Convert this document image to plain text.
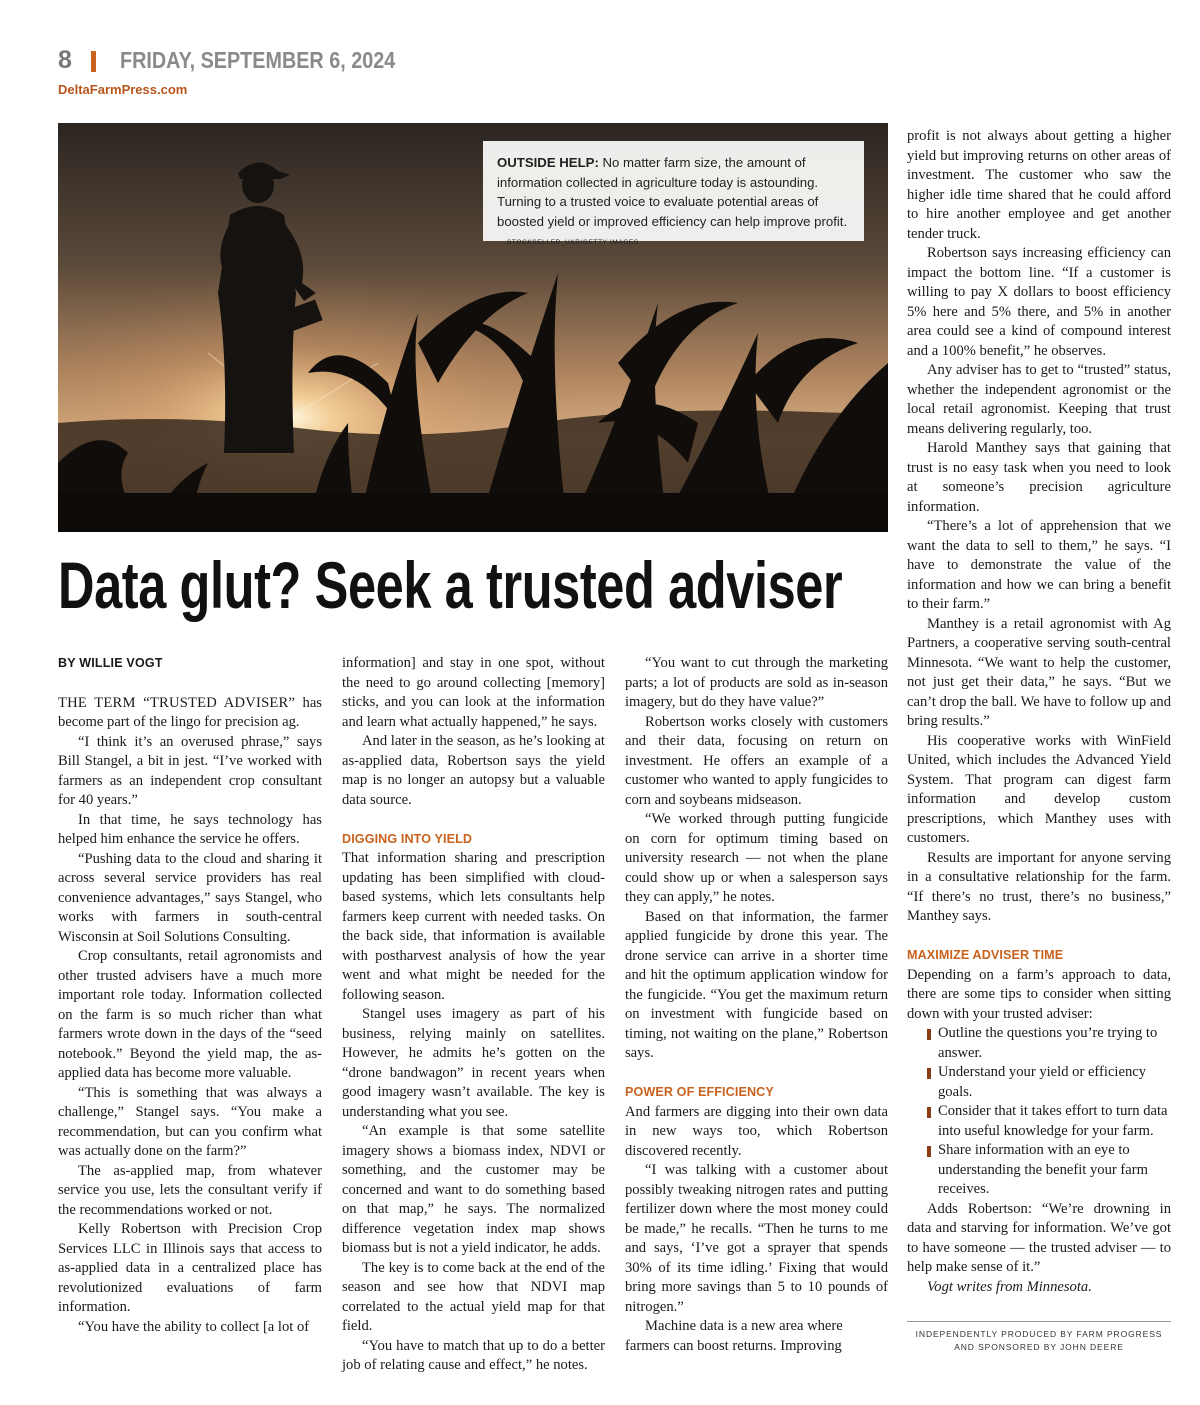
8 FRIDAY, SEPTEMBER 6, 2024
DeltaFarmPress.com
OUTSIDE HELP: No matter farm size, the amount of information collected in agriculture today is astounding. Turning to a trusted voice to evaluate potential areas of boosted yield or improved efficiency can help improve profit. STOCKSELLER_UKR/GETTY IMAGES
Data glut? Seek a trusted adviser
BY WILLIE VOGT

THE TERM “TRUSTED ADVISER” has become part of the lingo for precision ag.

“I think it’s an overused phrase,” says Bill Stangel, a bit in jest. “I’ve worked with farmers as an independent crop consultant for 40 years.”

In that time, he says technology has helped him enhance the service he offers.

“Pushing data to the cloud and sharing it across several service providers has real convenience advantages,” says Stangel, who works with farmers in south-central Wisconsin at Soil Solutions Consulting.

Crop consultants, retail agronomists and other trusted advisers have a much more important role today. Information collected on the farm is so much richer than what farmers wrote down in the days of the “seed notebook.” Beyond the yield map, the as-applied data has become more valuable.

“This is something that was always a challenge,” Stangel says. “You make a recommendation, but can you confirm what was actually done on the farm?”

The as-applied map, from whatever service you use, lets the consultant verify if the recommendations worked or not.

Kelly Robertson with Precision Crop Services LLC in Illinois says that access to as-applied data in a centralized place has revolutionized evaluations of farm information.

“You have the ability to collect [a lot of

information] and stay in one spot, without the need to go around collecting [memory] sticks, and you can look at the information and learn what actually happened,” he says.

And later in the season, as he’s looking at as-applied data, Robertson says the yield map is no longer an autopsy but a valuable data source.

DIGGING INTO YIELD

That information sharing and prescription updating has been simplified with cloud-based systems, which lets consultants help farmers keep current with needed tasks. On the back side, that information is available with postharvest analysis of how the year went and what might be needed for the following season.

Stangel uses imagery as part of his business, relying mainly on satellites. However, he admits he’s gotten on the “drone bandwagon” in recent years when good imagery wasn’t available. The key is understanding what you see.

“An example is that some satellite imagery shows a biomass index, NDVI or something, and the customer may be concerned and want to do something based on that map,” he says. The normalized difference vegetation index map shows biomass but is not a yield indicator, he adds.

The key is to come back at the end of the season and see how that NDVI map correlated to the actual yield map for that field.

“You have to match that up to do a better job of relating cause and effect,” he notes.

“You want to cut through the marketing parts; a lot of products are sold as in-season imagery, but do they have value?”

Robertson works closely with customers and their data, focusing on return on investment. He offers an example of a customer who wanted to apply fungicides to corn and soybeans midseason.

“We worked through putting fungicide on corn for optimum timing based on university research — not when the plane could show up or when a salesperson says they can apply,” he notes.

Based on that information, the farmer applied fungicide by drone this year. The drone service can arrive in a shorter time and hit the optimum application window for the fungicide. “You get the maximum return on investment with fungicide based on timing, not waiting on the plane,” Robertson says.

POWER OF EFFICIENCY

And farmers are digging into their own data in new ways too, which Robertson discovered recently.

“I was talking with a customer about possibly tweaking nitrogen rates and putting fertilizer down where the most money could be made,” he recalls. “Then he turns to me and says, ‘I’ve got a sprayer that spends 30% of its time idling.’ Fixing that would bring more savings than 5 to 10 pounds of nitrogen.”

Machine data is a new area where farmers can boost returns. Improving

profit is not always about getting a higher yield but improving returns on other areas of investment. The customer who saw the higher idle time shared that he could afford to hire another employee and get another tender truck.

Robertson says increasing efficiency can impact the bottom line. “If a customer is willing to pay X dollars to boost efficiency 5% here and 5% there, and 5% in another area could see a kind of compound interest and a 100% benefit,” he observes.

Any adviser has to get to “trusted” status, whether the independent agronomist or the local retail agronomist. Keeping that trust means delivering regularly, too.

Harold Manthey says that gaining that trust is no easy task when you need to look at someone’s precision agriculture information.

“There’s a lot of apprehension that we want the data to sell to them,” he says. “I have to demonstrate the value of the information and how we can bring a benefit to their farm.”

Manthey is a retail agronomist with Ag Partners, a cooperative serving south-central Minnesota. “We want to help the customer, not just get their data,” he says. “But we can’t drop the ball. We have to follow up and bring results.”

His cooperative works with WinField United, which includes the Advanced Yield System. That program can digest farm information and develop custom prescriptions, which Manthey uses with customers.

Results are important for anyone serving in a consultative relationship for the farm. “If there’s no trust, there’s no business,” Manthey says.

MAXIMIZE ADVISER TIME

Depending on a farm’s approach to data, there are some tips to consider when sitting down with your trusted adviser:

Outline the questions you’re trying to answer.
Understand your yield or efficiency goals.
Consider that it takes effort to turn data into useful knowledge for your farm.
Share information with an eye to understanding the benefit your farm receives.

Adds Robertson: “We’re drowning in data and starving for information. We’ve got to have someone — the trusted adviser — to help make sense of it.”

Vogt writes from Minnesota.

INDEPENDENTLY PRODUCED BY FARM PROGRESS
AND SPONSORED BY JOHN DEERE
